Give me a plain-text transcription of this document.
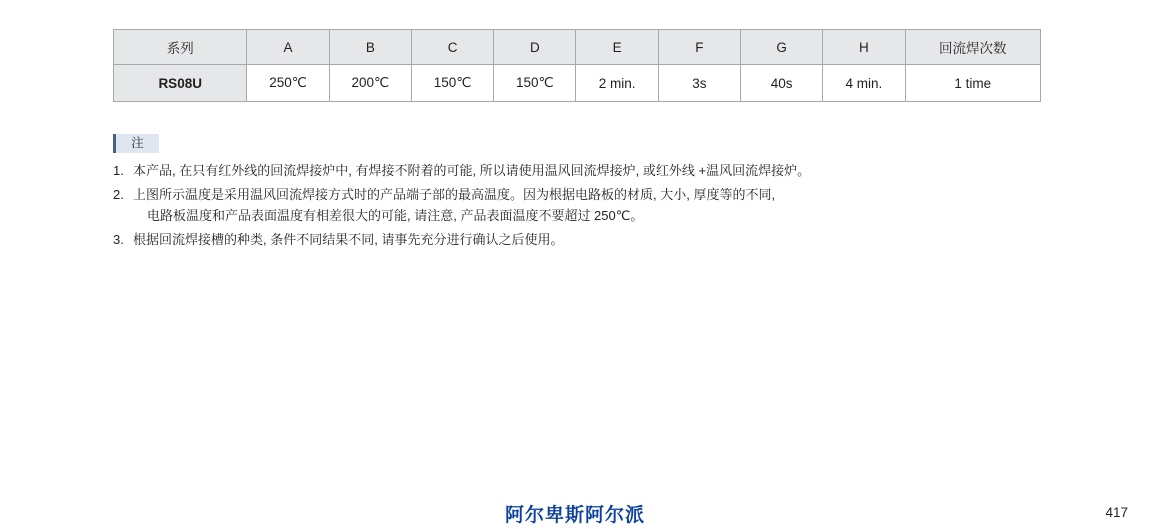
系列	A	B	C	D	E	F	G	H	回流焊次数
RS08U	250℃	200℃	150℃	150℃	2 min.	3s	40s	4 min.	1 time
注
1. 本产品, 在只有红外线的回流焊接炉中, 有焊接不附着的可能, 所以请使用温风回流焊接炉, 或红外线 +温风回流焊接炉。
2. 上图所示温度是采用温风回流焊接方式时的产品端子部的最高温度。因为根据电路板的材质, 大小, 厚度等的不同,
电路板温度和产品表面温度有相差很大的可能, 请注意, 产品表面温度不要超过 250℃。
3. 根据回流焊接槽的种类, 条件不同结果不同, 请事先充分进行确认之后使用。
阿尔卑斯阿尔派	417
